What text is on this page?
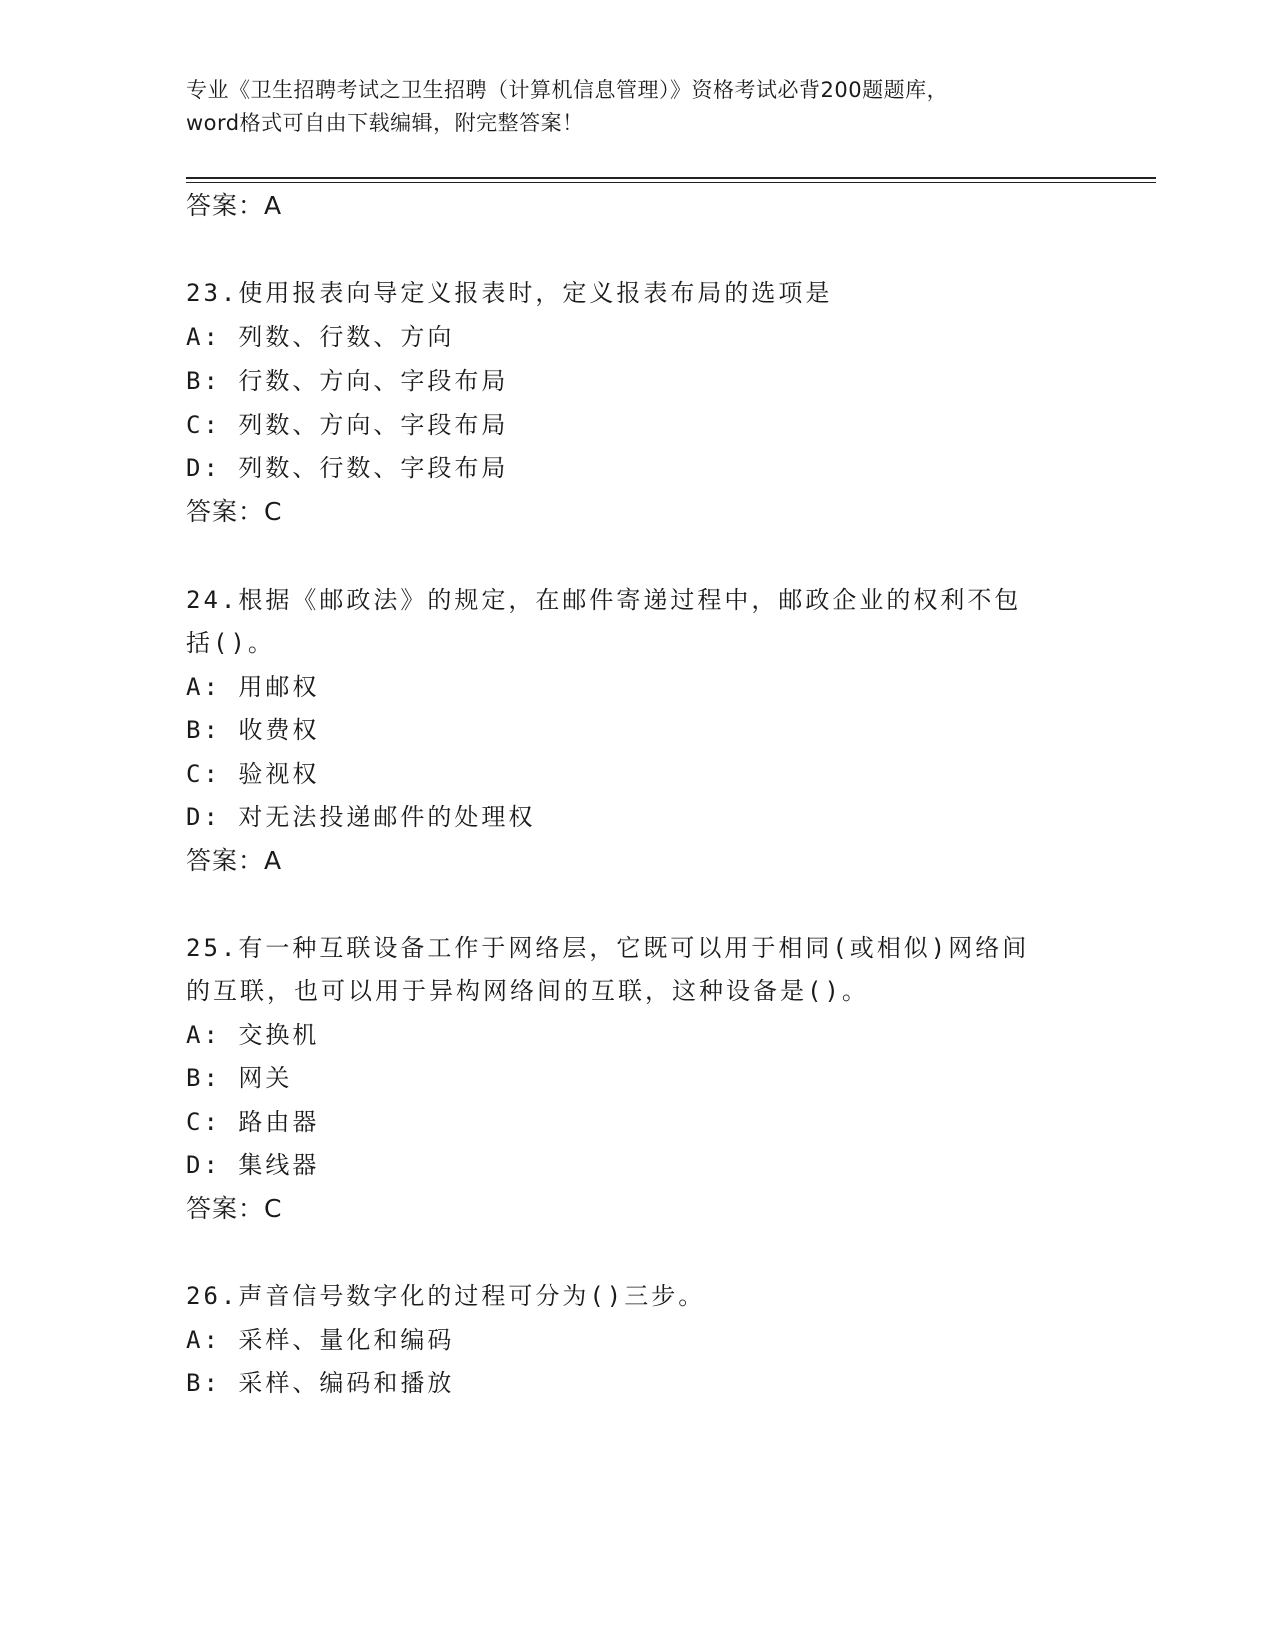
专业《卫生招聘考试之卫生招聘（计算机信息管理）》资格考试必背200题题库，
word格式可自由下载编辑，附完整答案！
答案：A
23.使用报表向导定义报表时，定义报表布局的选项是
A: 列数、行数、方向
B: 行数、方向、字段布局
C: 列数、方向、字段布局
D: 列数、行数、字段布局
答案：C
24.根据《邮政法》的规定，在邮件寄递过程中，邮政企业的权利不包
括()。
A: 用邮权
B: 收费权
C: 验视权
D: 对无法投递邮件的处理权
答案：A
25.有一种互联设备工作于网络层，它既可以用于相同(或相似)网络间
的互联，也可以用于异构网络间的互联，这种设备是()。
A: 交换机
B: 网关
C: 路由器
D: 集线器
答案：C
26.声音信号数字化的过程可分为()三步。
A: 采样、量化和编码
B: 采样、编码和播放
